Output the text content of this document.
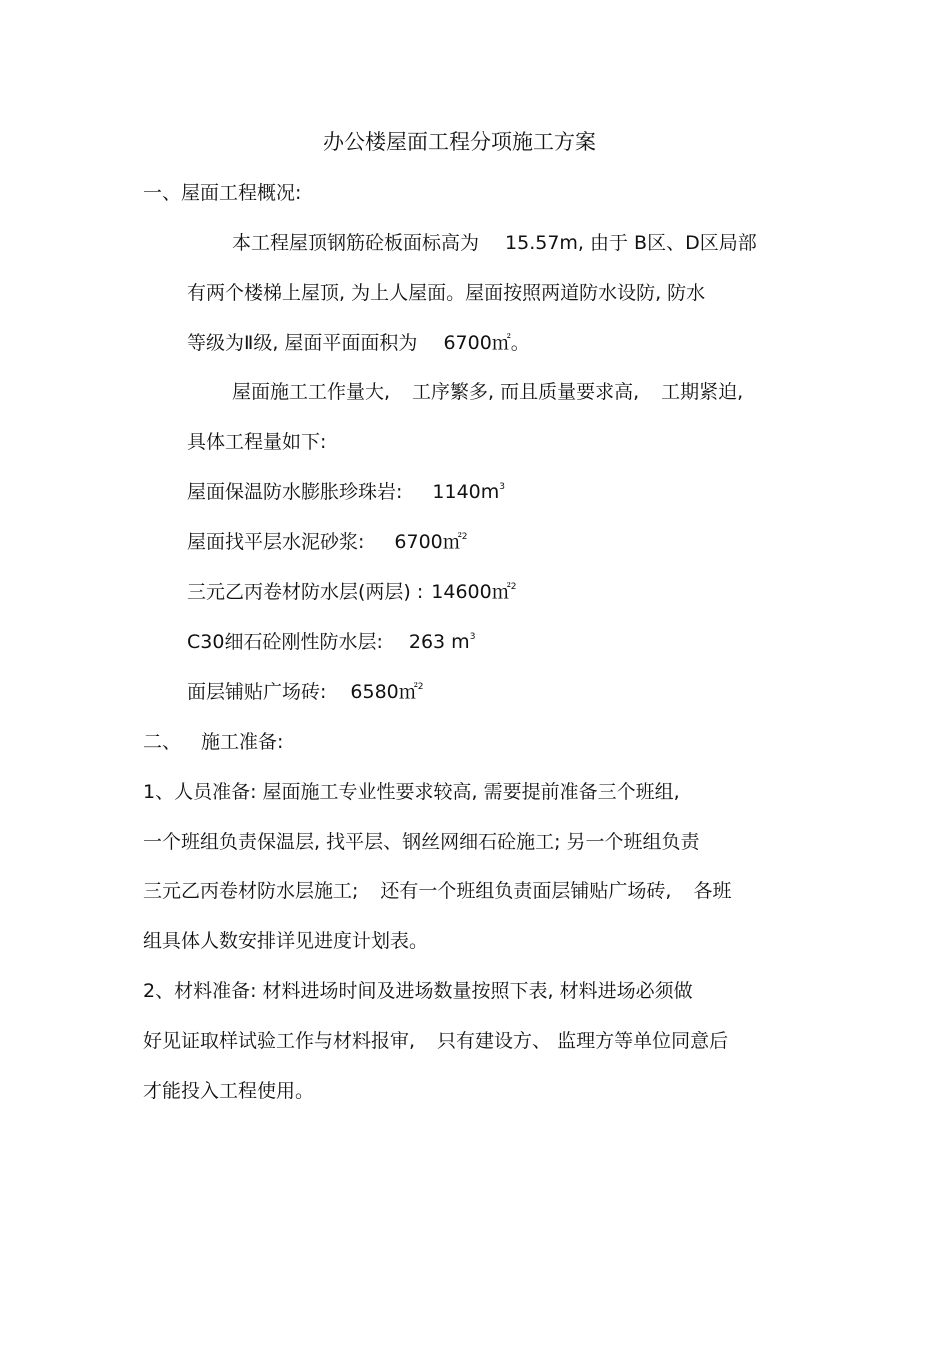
办公楼屋面工程分项施工方案
一、屋面工程概况:
本工程屋顶钢筋砼板面标高为 15.57m, 由于 B区、D区局部
有两个楼梯上屋顶, 为上人屋面。屋面按照两道防水设防, 防水
等级为Ⅱ级, 屋面平面面积为 6700㎡。
屋面施工工作量大, 工序繁多, 而且质量要求高, 工期紧迫,
具体工程量如下:
屋面保温防水膨胀珍珠岩: $1140m^3$
屋面找平层水泥砂浆: 6700㎡$^2$
三元乙丙卷材防水层(两层) : 14600㎡$^2$
C30细石砼刚性防水层: 263 $m^3$
面层铺贴广场砖: 6580㎡$^2$
二、 施工准备:
1、人员准备: 屋面施工专业性要求较高, 需要提前准备三个班组,
一个班组负责保温层, 找平层、钢丝网细石砼施工; 另一个班组负责
三元乙丙卷材防水层施工; 还有一个班组负责面层铺贴广场砖, 各班
组具体人数安排详见进度计划表。
2、材料准备: 材料进场时间及进场数量按照下表, 材料进场必须做
好见证取样试验工作与材料报审, 只有建设方、 监理方等单位同意后
才能投入工程使用。
